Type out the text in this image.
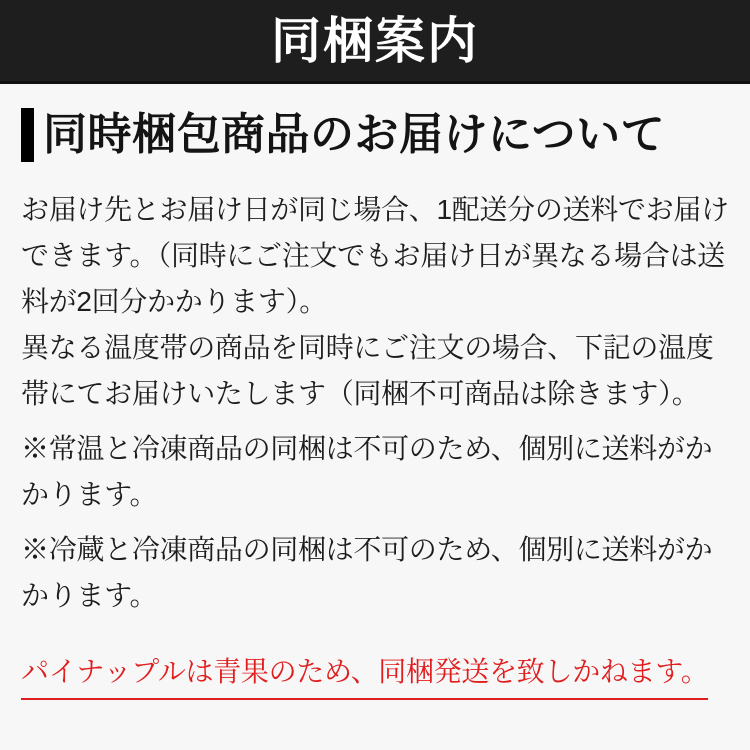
同梱案内
同時梱包商品のお届けについて

お届け先とお届け日が同じ場合、1配送分の送料でお届けできます。（同時にご注文でもお届け日が異なる場合は送料が2回分かかります）。

異なる温度帯の商品を同時にご注文の場合、下記の温度帯にてお届けいたします（同梱不可商品は除きます）。

※常温と冷凍商品の同梱は不可のため、個別に送料がかかります。

※冷蔵と冷凍商品の同梱は不可のため、個別に送料がかかります。

パイナップルは青果のため、同梱発送を致しかねます。
